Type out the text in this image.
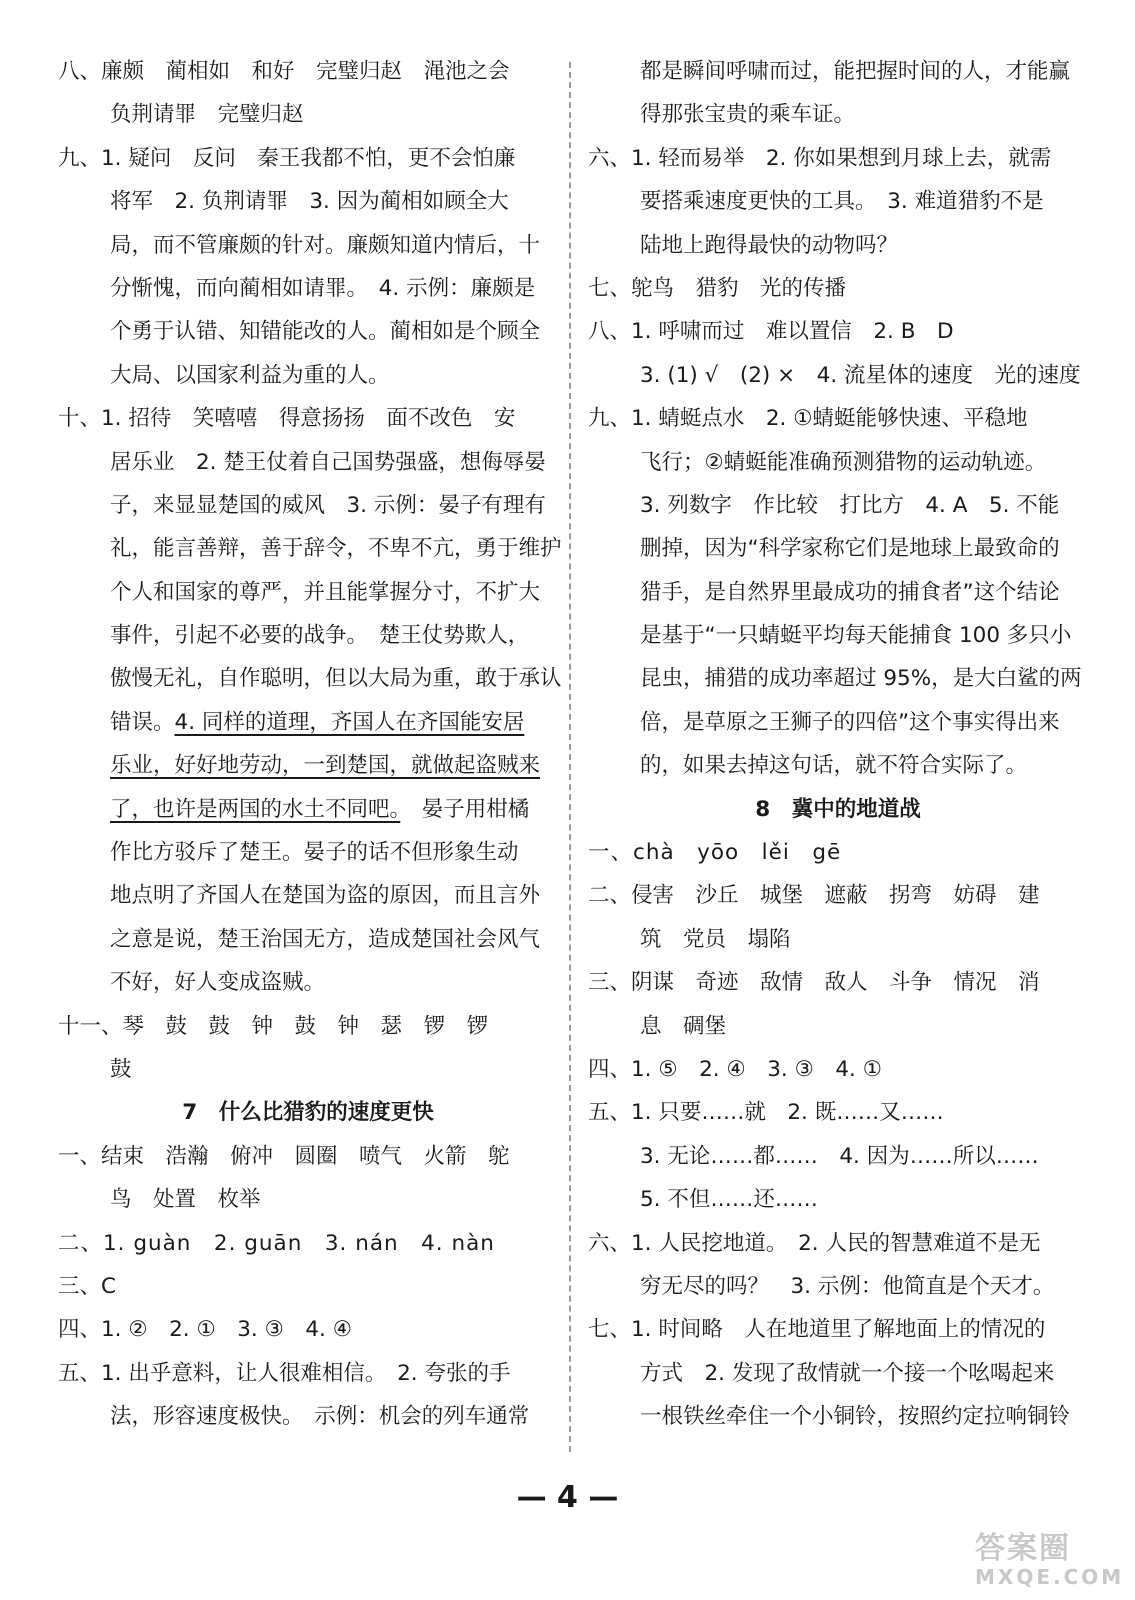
八、廉颇　蔺相如　和好　完璧归赵　渑池之会
负荆请罪　完璧归赵
九、1. 疑问　反问　秦王我都不怕，更不会怕廉
将军　2. 负荆请罪　3. 因为蔺相如顾全大
局，而不管廉颇的针对。廉颇知道内情后，十
分惭愧，而向蔺相如请罪。　4. 示例：廉颇是
个勇于认错、知错能改的人。蔺相如是个顾全
大局、以国家利益为重的人。
十、1. 招待　笑嘻嘻　得意扬扬　面不改色　安
居乐业　2. 楚王仗着自己国势强盛，想侮辱晏
子，来显显楚国的威风　3. 示例：晏子有理有
礼，能言善辩，善于辞令，不卑不亢，勇于维护
个人和国家的尊严，并且能掌握分寸，不扩大
事件，引起不必要的战争。　楚王仗势欺人，
傲慢无礼，自作聪明，但以大局为重，敢于承认
错误。4. 同样的道理，齐国人在齐国能安居
乐业，好好地劳动，一到楚国，就做起盗贼来
了，也许是两国的水土不同吧。　晏子用柑橘
作比方驳斥了楚王。晏子的话不但形象生动
地点明了齐国人在楚国为盗的原因，而且言外
之意是说，楚王治国无方，造成楚国社会风气
不好，好人变成盗贼。
十一、琴　鼓　鼓　钟　鼓　钟　瑟　锣　锣
鼓
7　什么比猎豹的速度更快
一、结束　浩瀚　俯冲　圆圈　喷气　火箭　鸵
鸟　处置　枚举
二、1. guàn　2. guān　3. nán　4. nàn
三、C
四、1. ②　2. ①　3. ③　4. ④
五、1. 出乎意料，让人很难相信。　2. 夸张的手
法，形容速度极快。　示例：机会的列车通常
都是瞬间呼啸而过，能把握时间的人，才能赢
得那张宝贵的乘车证。
六、1. 轻而易举　2. 你如果想到月球上去，就需
要搭乘速度更快的工具。　3. 难道猎豹不是
陆地上跑得最快的动物吗？
七、鸵鸟　猎豹　光的传播
八、1. 呼啸而过　难以置信　2. B　D
3. (1) √　(2) ×　4. 流星体的速度　光的速度
九、1. 蜻蜓点水　2. ①蜻蜓能够快速、平稳地
飞行；②蜻蜓能准确预测猎物的运动轨迹。
3. 列数字　作比较　打比方　4. A　5. 不能
删掉，因为“科学家称它们是地球上最致命的
猎手，是自然界里最成功的捕食者”这个结论
是基于“一只蜻蜓平均每天能捕食 100 多只小
昆虫，捕猎的成功率超过 95%，是大白鲨的两
倍，是草原之王狮子的四倍”这个事实得出来
的，如果去掉这句话，就不符合实际了。
8　冀中的地道战
一、chà　yōo　lěi　gē
二、侵害　沙丘　城堡　遮蔽　拐弯　妨碍　建
筑　党员　塌陷
三、阴谋　奇迹　敌情　敌人　斗争　情况　消
息　碉堡
四、1. ⑤　2. ④　3. ③　4. ①
五、1. 只要……就　2. 既……又……
3. 无论……都……　4. 因为……所以……
5. 不但……还……
六、1. 人民挖地道。　2. 人民的智慧难道不是无
穷无尽的吗？　3. 示例：他简直是个天才。
七、1. 时间略　人在地道里了解地面上的情况的
方式　2. 发现了敌情就一个接一个吆喝起来
一根铁丝牵住一个小铜铃，按照约定拉响铜铃
— 4 —
答案圈
MXQE.COM
